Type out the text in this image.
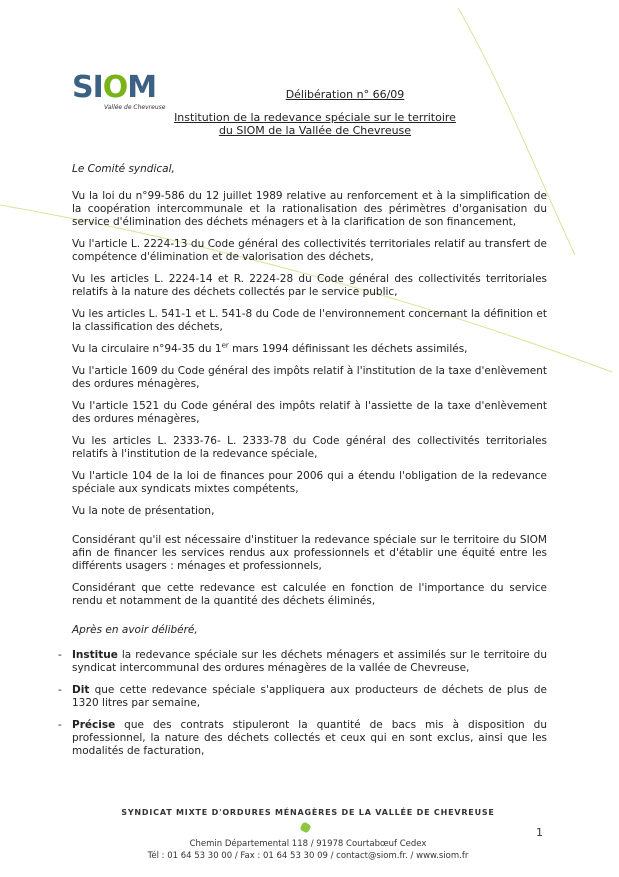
SIOM
Vallée de Chevreuse
Délibération n° 66/09
Institution de la redevance spéciale sur le territoire
du SIOM de la Vallée de Chevreuse

Le Comité syndical,

Vu la loi du n°99-586 du 12 juillet 1989 relative au renforcement et à la simplification de la coopération intercommunale et la rationalisation des périmètres d'organisation du service d'élimination des déchets ménagers et à la clarification de son financement,

Vu l'article L. 2224-13 du Code général des collectivités territoriales relatif au transfert de compétence d'élimination et de valorisation des déchets,

Vu les articles L. 2224-14 et R. 2224-28 du Code général des collectivités territoriales relatifs à la nature des déchets collectés par le service public,

Vu les articles L. 541-1 et L. 541-8 du Code de l'environnement concernant la définition et la classification des déchets,

Vu la circulaire n°94-35 du 1er mars 1994 définissant les déchets assimilés,

Vu l'article 1609 du Code général des impôts relatif à l'institution de la taxe d'enlèvement des ordures ménagères,

Vu l'article 1521 du Code général des impôts relatif à l'assiette de la taxe d'enlèvement des ordures ménagères,

Vu les articles L. 2333-76- L. 2333-78 du Code général des collectivités territoriales relatifs à l'institution de la redevance spéciale,

Vu l'article 104 de la loi de finances pour 2006 qui a étendu l'obligation de la redevance spéciale aux syndicats mixtes compétents,

Vu la note de présentation,

Considérant qu'il est nécessaire d'instituer la redevance spéciale sur le territoire du SIOM afin de financer les services rendus aux professionnels et d'établir une équité entre les différents usagers : ménages et professionnels,

Considérant que cette redevance est calculée en fonction de l'importance du service rendu et notamment de la quantité des déchets éliminés,

Après en avoir délibéré,

- Institue la redevance spéciale sur les déchets ménagers et assimilés sur le territoire du syndicat intercommunal des ordures ménagères de la vallée de Chevreuse,
- Dit que cette redevance spéciale s'appliquera aux producteurs de déchets de plus de 1320 litres par semaine,
- Précise que des contrats stipuleront la quantité de bacs mis à disposition du professionnel, la nature des déchets collectés et ceux qui en sont exclus, ainsi que les modalités de facturation,
SYNDICAT MIXTE D'ORDURES MÉNAGÈRES DE LA VALLÉE DE CHEVREUSE
1
Chemin Départemental 118 / 91978 Courtabœuf Cedex
Tél : 01 64 53 30 00 / Fax : 01 64 53 30 09 / contact@siom.fr. / www.siom.fr
